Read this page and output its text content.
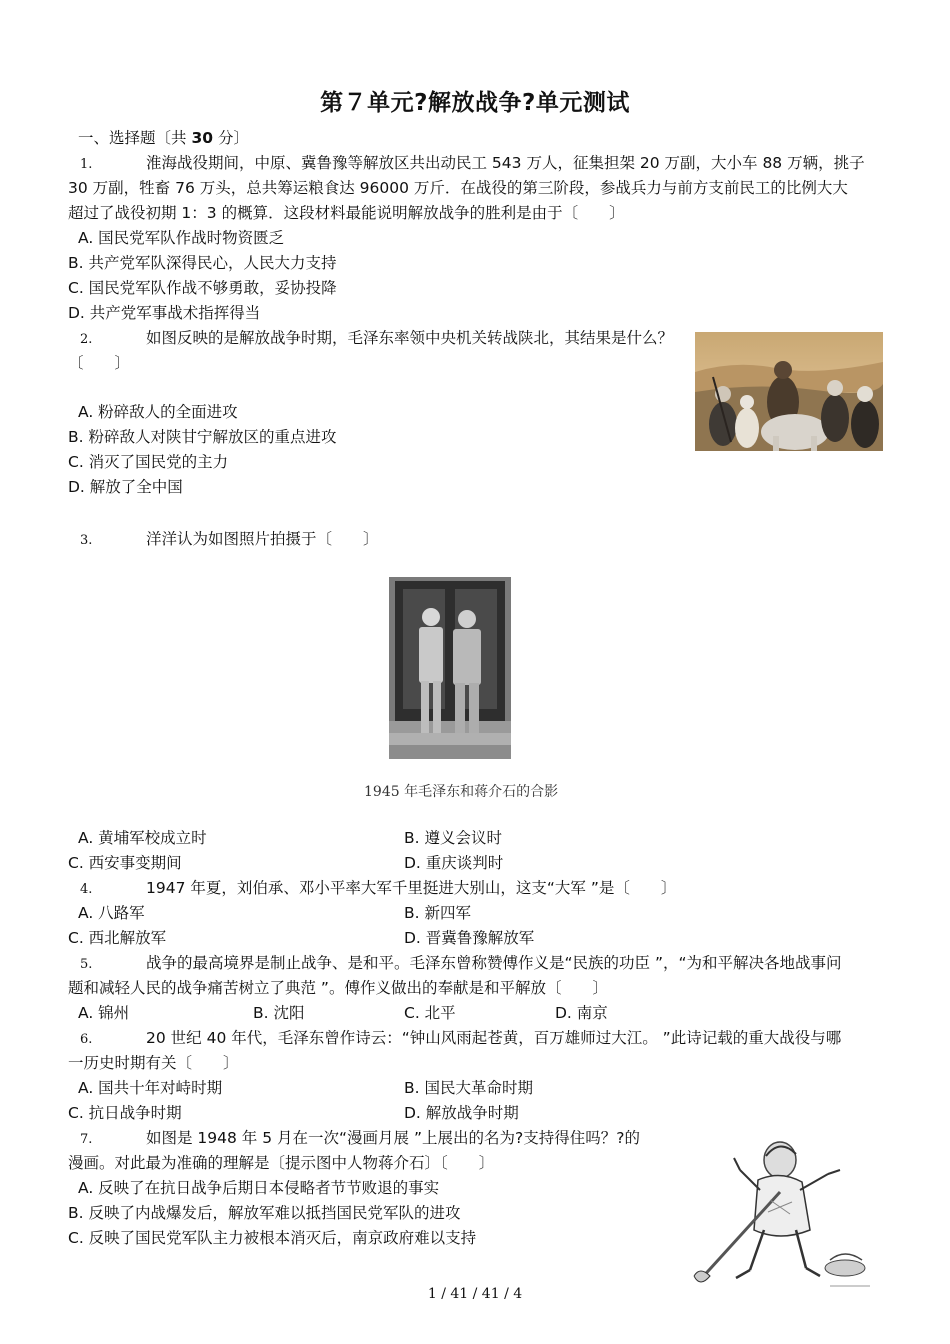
第７单元?解放战争?单元测试
一、选择题〔共 30 分〕
1.	淮海战役期间，中原、冀鲁豫等解放区共出动民工 543 万人，征集担架 20 万副，大小车 88 万辆，挑子
30 万副，牲畜 76 万头，总共筹运粮食达 96000 万斤．在战役的第三阶段，参战兵力与前方支前民工的比例大大
超过了战役初期 1：3 的概算．这段材料最能说明解放战争的胜利是由于〔　　〕
A. 国民党军队作战时物资匮乏
B. 共产党军队深得民心，人民大力支持
C. 国民党军队作战不够勇敢，妥协投降
D. 共产党军事战术指挥得当
2.	如图反映的是解放战争时期，毛泽东率领中央机关转战陕北，其结果是什么？
〔　　〕
A. 粉碎敌人的全面进攻
B. 粉碎敌人对陕甘宁解放区的重点进攻
C. 消灭了国民党的主力
D. 解放了全中国
3.	洋洋认为如图照片拍摄于〔　　〕
1945 年毛泽东和蒋介石的合影
A. 黄埔军校成立时	B. 遵义会议时
C. 西安事变期间	D. 重庆谈判时
4.	1947 年夏，刘伯承、邓小平率大军千里挺进大别山，这支“大军 ”是〔　　〕
A. 八路军	B. 新四军
C. 西北解放军	D. 晋冀鲁豫解放军
5.	战争的最高境界是制止战争、是和平。毛泽东曾称赞傅作义是“民族的功臣 ”，“为和平解决各地战事问
题和减轻人民的战争痛苦树立了典范 ”。傅作义做出的奉献是和平解放〔　　〕
A. 锦州	B. 沈阳	C. 北平	D. 南京
6.	20 世纪 40 年代，毛泽东曾作诗云：“钟山风雨起苍黄，百万雄师过大江。 ”此诗记载的重大战役与哪
一历史时期有关〔　　〕
A. 国共十年对峙时期	B. 国民大革命时期
C. 抗日战争时期	D. 解放战争时期
7.	如图是 1948 年 5 月在一次“漫画月展 ”上展出的名为?支持得住吗？?的
漫画。对此最为准确的理解是〔提示图中人物蒋介石〕〔　　〕
A. 反映了在抗日战争后期日本侵略者节节败退的事实
B. 反映了内战爆发后，解放军难以抵挡国民党军队的进攻
C. 反映了国民党军队主力被根本消灭后，南京政府难以支持
1 / 41 / 41 / 4
